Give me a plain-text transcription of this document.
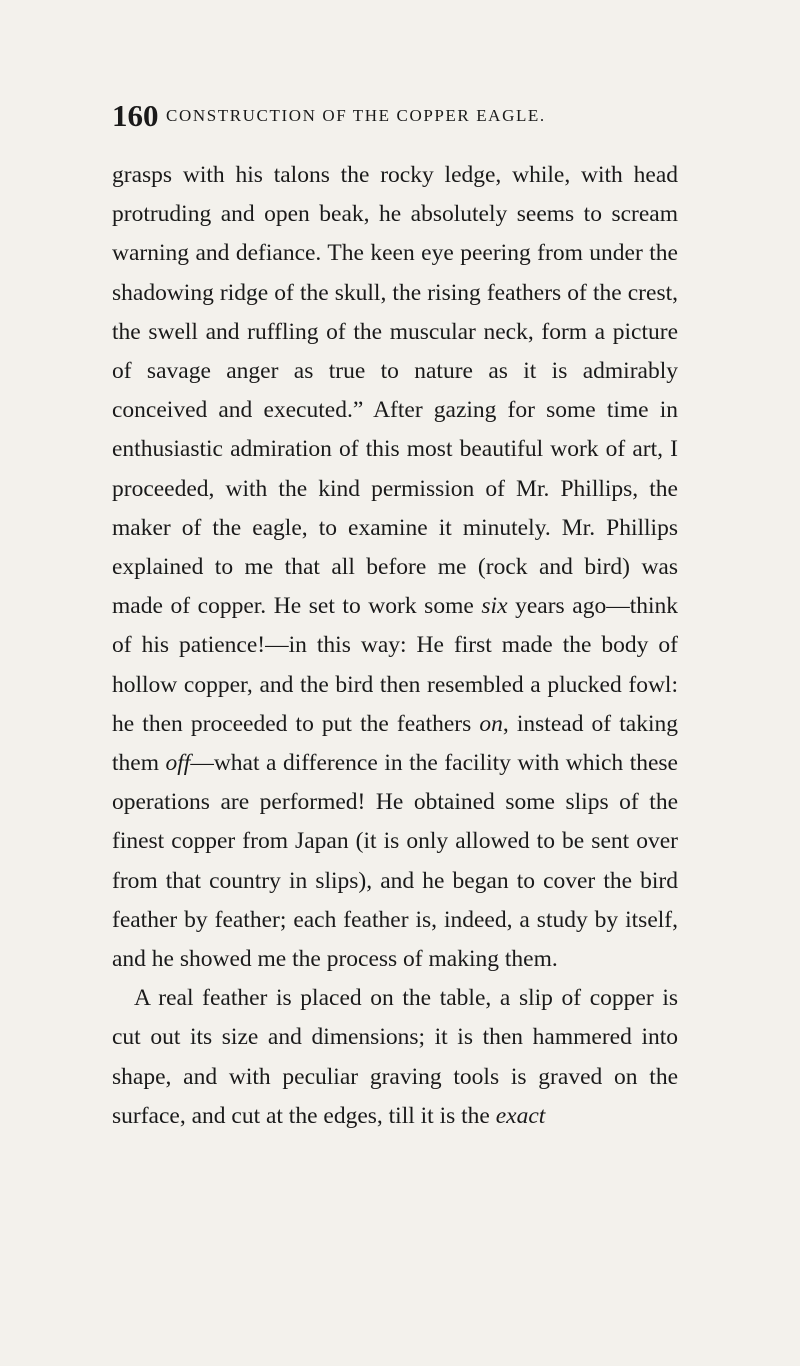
160 CONSTRUCTION OF THE COPPER EAGLE.

grasps with his talons the rocky ledge, while, with head protruding and open beak, he absolutely seems to scream warning and defiance. The keen eye peering from under the shadowing ridge of the skull, the rising feathers of the crest, the swell and ruffling of the muscular neck, form a picture of savage anger as true to nature as it is admirably conceived and executed.” After gazing for some time in enthusiastic admiration of this most beautiful work of art, I proceeded, with the kind permission of Mr. Phillips, the maker of the eagle, to examine it minutely. Mr. Phillips explained to me that all before me (rock and bird) was made of copper. He set to work some six years ago—think of his patience!—in this way: He first made the body of hollow copper, and the bird then resembled a plucked fowl: he then proceeded to put the feathers on, instead of taking them off—what a difference in the facility with which these operations are performed! He obtained some slips of the finest copper from Japan (it is only allowed to be sent over from that country in slips), and he began to cover the bird feather by feather; each feather is, indeed, a study by itself, and he showed me the process of making them.

A real feather is placed on the table, a slip of copper is cut out its size and dimensions; it is then hammered into shape, and with peculiar graving tools is graved on the surface, and cut at the edges, till it is the exact
